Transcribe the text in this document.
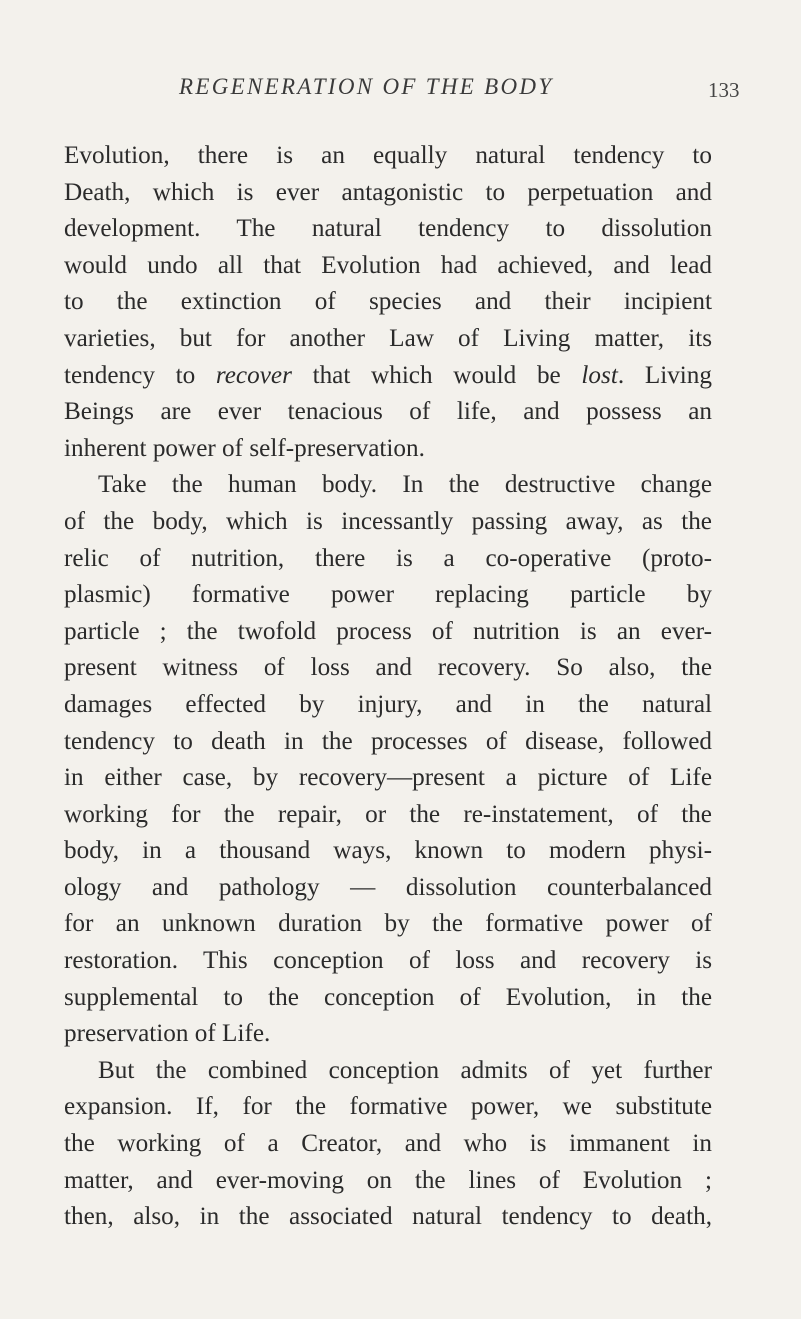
REGENERATION OF THE BODY	133
Evolution, there is an equally natural tendency to
Death, which is ever antagonistic to perpetuation and
development. The natural tendency to dissolution
would undo all that Evolution had achieved, and lead
to the extinction of species and their incipient
varieties, but for another Law of Living matter, its
tendency to recover that which would be lost. Living
Beings are ever tenacious of life, and possess an
inherent power of self-preservation.
Take the human body. In the destructive change
of the body, which is incessantly passing away, as the
relic of nutrition, there is a co-operative (proto-
plasmic) formative power replacing particle by
particle ; the twofold process of nutrition is an ever-
present witness of loss and recovery. So also, the
damages effected by injury, and in the natural
tendency to death in the processes of disease, followed
in either case, by recovery—present a picture of Life
working for the repair, or the re-instatement, of the
body, in a thousand ways, known to modern physi-
ology and pathology — dissolution counterbalanced
for an unknown duration by the formative power of
restoration. This conception of loss and recovery is
supplemental to the conception of Evolution, in the
preservation of Life.
But the combined conception admits of yet further
expansion. If, for the formative power, we substitute
the working of a Creator, and who is immanent in
matter, and ever-moving on the lines of Evolution ;
then, also, in the associated natural tendency to death,
